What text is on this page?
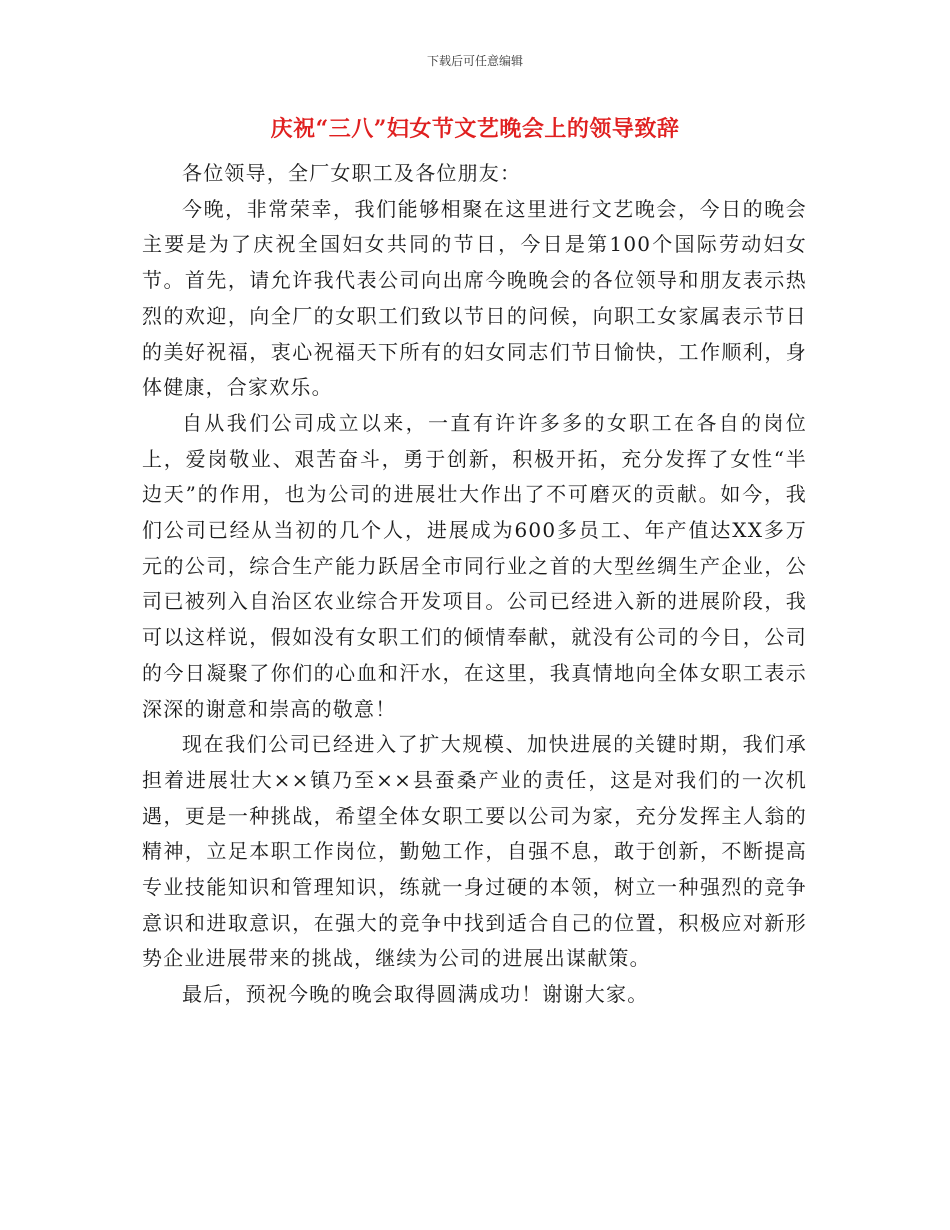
下载后可任意编辑
庆祝“三八”妇女节文艺晚会上的领导致辞

各位领导，全厂女职工及各位朋友：

今晚，非常荣幸，我们能够相聚在这里进行文艺晚会，今日的晚会主要是为了庆祝全国妇女共同的节日，今日是第100个国际劳动妇女节。首先，请允许我代表公司向出席今晚晚会的各位领导和朋友表示热烈的欢迎，向全厂的女职工们致以节日的问候，向职工女家属表示节日的美好祝福，衷心祝福天下所有的妇女同志们节日愉快，工作顺利，身体健康，合家欢乐。

自从我们公司成立以来，一直有许许多多的女职工在各自的岗位上，爱岗敬业、艰苦奋斗，勇于创新，积极开拓，充分发挥了女性“半边天”的作用，也为公司的进展壮大作出了不可磨灭的贡献。如今，我们公司已经从当初的几个人，进展成为600多员工、年产值达XX多万元的公司，综合生产能力跃居全市同行业之首的大型丝绸生产企业，公司已被列入自治区农业综合开发项目。公司已经进入新的进展阶段，我可以这样说，假如没有女职工们的倾情奉献，就没有公司的今日，公司的今日凝聚了你们的心血和汗水，在这里，我真情地向全体女职工表示深深的谢意和崇高的敬意！

现在我们公司已经进入了扩大规模、加快进展的关键时期，我们承担着进展壮大××镇乃至××县蚕桑产业的责任，这是对我们的一次机遇，更是一种挑战，希望全体女职工要以公司为家，充分发挥主人翁的精神，立足本职工作岗位，勤勉工作，自强不息，敢于创新，不断提高专业技能知识和管理知识，练就一身过硬的本领，树立一种强烈的竞争意识和进取意识，在强大的竞争中找到适合自己的位置，积极应对新形势企业进展带来的挑战，继续为公司的进展出谋献策。

最后，预祝今晚的晚会取得圆满成功！谢谢大家。
